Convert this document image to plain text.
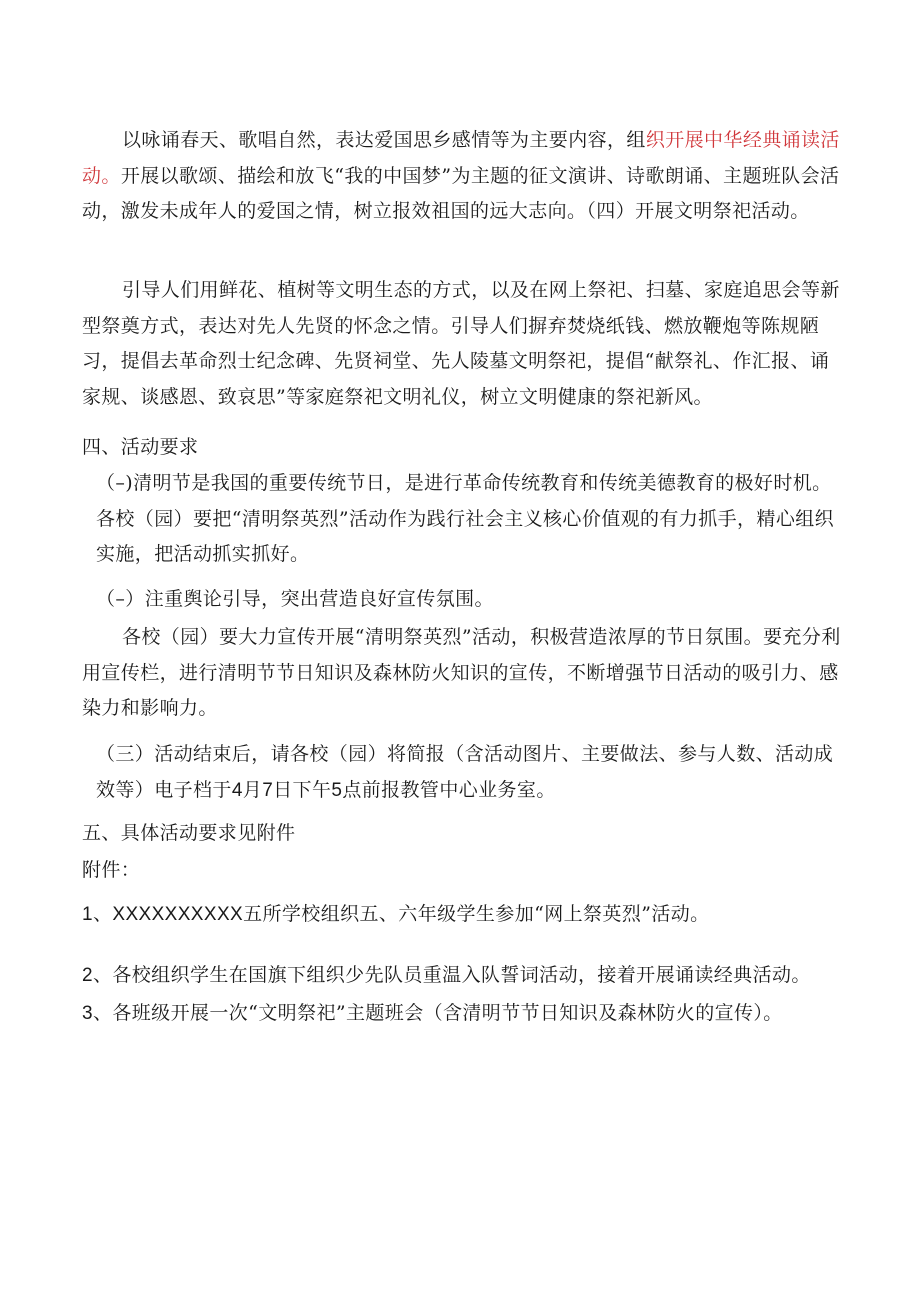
以咏诵春天、歌唱自然，表达爱国思乡感情等为主要内容，组织开展中华经典诵读活动。开展以歌颂、描绘和放飞“我的中国梦”为主题的征文演讲、诗歌朗诵、主题班队会活动，激发未成年人的爱国之情，树立报效祖国的远大志向。（四）开展文明祭祀活动。
引导人们用鲜花、植树等文明生态的方式，以及在网上祭祀、扫墓、家庭追思会等新型祭奠方式，表达对先人先贤的怀念之情。引导人们摒弃焚烧纸钱、燃放鞭炮等陈规陋习，提倡去革命烈士纪念碑、先贤祠堂、先人陵墓文明祭祀，提倡“献祭礼、作汇报、诵家规、谈感恩、致哀思”等家庭祭祀文明礼仪，树立文明健康的祭祀新风。
四、活动要求
（–)清明节是我国的重要传统节日，是进行革命传统教育和传统美德教育的极好时机。各校（园）要把“清明祭英烈”活动作为践行社会主义核心价值观的有力抓手，精心组织实施，把活动抓实抓好。
（–）注重舆论引导，突出营造良好宣传氛围。
各校（园）要大力宣传开展“清明祭英烈”活动，积极营造浓厚的节日氛围。要充分利用宣传栏，进行清明节节日知识及森林防火知识的宣传，不断增强节日活动的吸引力、感染力和影响力。
（三）活动结束后，请各校（园）将简报（含活动图片、主要做法、参与人数、活动成效等）电子档于4月7日下午5点前报教管中心业务室。
五、具体活动要求见附件
附件：
1、XXXXXXXXXX五所学校组织五、六年级学生参加“网上祭英烈”活动。
2、各校组织学生在国旗下组织少先队员重温入队誓词活动，接着开展诵读经典活动。
3、各班级开展一次“文明祭祀”主题班会（含清明节节日知识及森林防火的宣传）。
